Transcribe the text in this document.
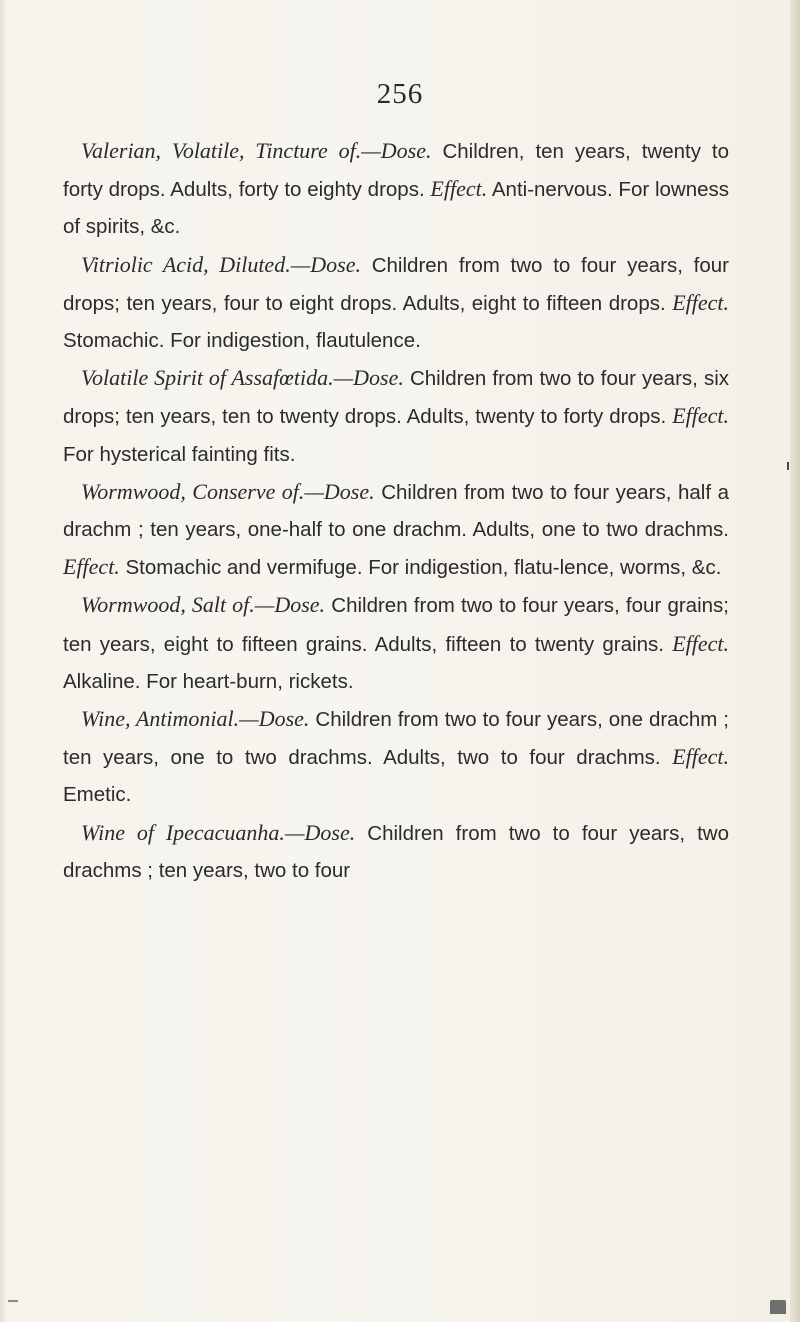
256

Valerian, Volatile, Tincture of.—Dose. Children, ten years, twenty to forty drops. Adults, forty to eighty drops. Effect. Anti-nervous. For lowness of spirits, &c.

Vitriolic Acid, Diluted.—Dose. Children from two to four years, four drops; ten years, four to eight drops. Adults, eight to fifteen drops. Effect. Stomachic. For indigestion, flautulence.

Volatile Spirit of Assafœtida.—Dose. Children from two to four years, six drops; ten years, ten to twenty drops. Adults, twenty to forty drops. Effect. For hysterical fainting fits.

Wormwood, Conserve of.—Dose. Children from two to four years, half a drachm ; ten years, one-half to one drachm. Adults, one to two drachms. Effect. Stomachic and vermifuge. For indigestion, flatu-lence, worms, &c.

Wormwood, Salt of.—Dose. Children from two to four years, four grains; ten years, eight to fifteen grains. Adults, fifteen to twenty grains. Effect. Alkaline. For heart-burn, rickets.

Wine, Antimonial.—Dose. Children from two to four years, one drachm ; ten years, one to two drachms. Adults, two to four drachms. Effect. Emetic.

Wine of Ipecacuanha.—Dose. Children from two to four years, two drachms ; ten years, two to four
